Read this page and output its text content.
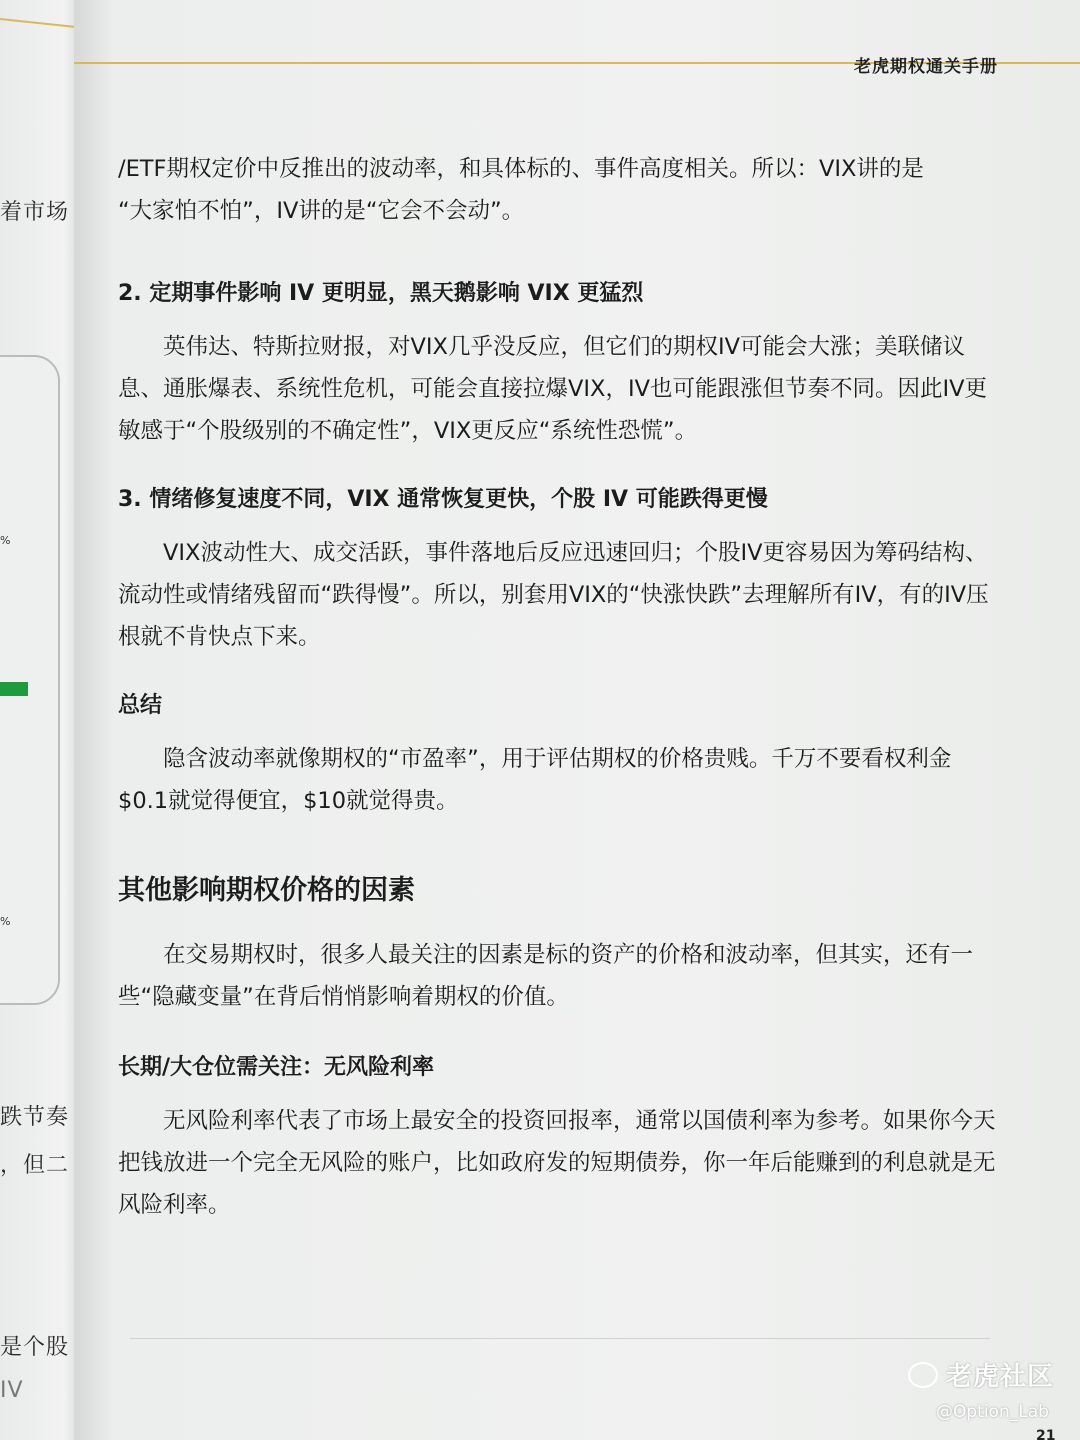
着市场
%
%
跌节奏
，但二
是个股
IV
老虎期权通关手册

/ETF期权定价中反推出的波动率，和具体标的、事件高度相关。所以：VIX讲的是

“大家怕不怕”，IV讲的是“它会不会动”。

2. 定期事件影响 IV 更明显，黑天鹅影响 VIX 更猛烈

英伟达、特斯拉财报，对VIX几乎没反应，但它们的期权IV可能会大涨；美联储议息、通胀爆表、系统性危机，可能会直接拉爆VIX，IV也可能跟涨但节奏不同。因此IV更敏感于“个股级别的不确定性”，VIX更反应“系统性恐慌”。

3. 情绪修复速度不同，VIX 通常恢复更快，个股 IV 可能跌得更慢

VIX波动性大、成交活跃，事件落地后反应迅速回归；个股IV更容易因为筹码结构、流动性或情绪残留而“跌得慢”。所以，别套用VIX的“快涨快跌”去理解所有IV，有的IV压根就不肯快点下来。

总结

隐含波动率就像期权的“市盈率”，用于评估期权的价格贵贱。千万不要看权利金$0.1就觉得便宜，$10就觉得贵。

其他影响期权价格的因素

在交易期权时，很多人最关注的因素是标的资产的价格和波动率，但其实，还有一些“隐藏变量”在背后悄悄影响着期权的价值。

长期/大仓位需关注：无风险利率

无风险利率代表了市场上最安全的投资回报率，通常以国债利率为参考。如果你今天把钱放进一个完全无风险的账户，比如政府发的短期债券，你一年后能赚到的利息就是无风险利率。

21
老虎社区
@Option_Lab
